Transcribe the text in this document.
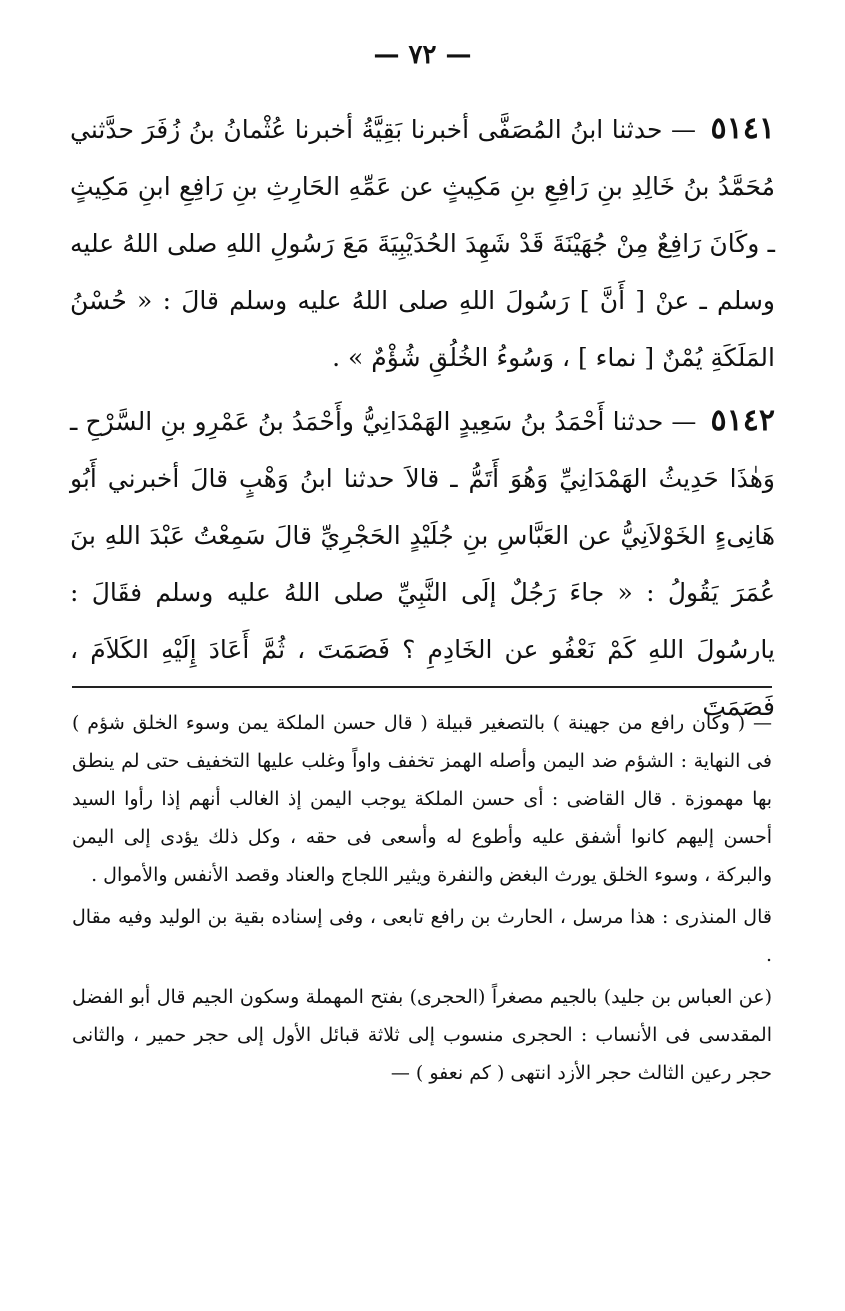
— ٧٢ —

٥١٤١ — حدثنا ابنُ المُصَفَّى أخبرنا بَقِيَّةُ أخبرنا عُثْمانُ بنُ زُفَرَ حدَّثني مُحَمَّدُ بنُ خَالِدِ بنِ رَافِعِ بنِ مَكِيثٍ عن عَمِّهِ الحَارِثِ بنِ رَافِعِ ابنِ مَكِيثٍ ـ وكَانَ رَافِعٌ مِنْ جُهَيْنَةَ قَدْ شَهِدَ الحُدَيْبِيَةَ مَعَ رَسُولِ اللهِ صلى اللهُ عليه وسلم ـ عنْ [ أَنَّ ] رَسُولَ اللهِ صلى اللهُ عليه وسلم قالَ : « حُسْنُ المَلَكَةِ يُمْنٌ [ نماء ] ، وَسُوءُ الخُلُقِ شُؤْمٌ » .

٥١٤٢ — حدثنا أَحْمَدُ بنُ سَعِيدٍ الهَمْدَانِيُّ وأَحْمَدُ بنُ عَمْرِو بنِ السَّرْحِ ـ وَهٰذَا حَدِيثُ الهَمْدَانِيِّ وَهُوَ أَتَمُّ ـ قالاَ حدثنا ابنُ وَهْبٍ قالَ أخبرني أَبُو هَانِىءٍ الخَوْلاَنِيُّ عن العَبَّاسِ بنِ جُلَيْدٍ الحَجْرِيِّ قالَ سَمِعْتُ عَبْدَ اللهِ بنَ عُمَرَ يَقُولُ : « جاءَ رَجُلٌ إلَى النَّبِيِّ صلى اللهُ عليه وسلم فقَالَ : يارسُولَ اللهِ كَمْ نَعْفُو عن الخَادِمِ ؟ فَصَمَتَ ، ثُمَّ أَعَادَ إِلَيْهِ الكَلاَمَ ، فَصَمَتَ

— ( وكان رافع من جهينة ) بالتصغير قبيلة ( قال حسن الملكة يمن وسوء الخلق شؤم ) فى النهاية : الشؤم ضد اليمن وأصله الهمز تخفف واواً وغلب عليها التخفيف حتى لم ينطق بها مهموزة . قال القاضى : أى حسن الملكة يوجب اليمن إذ الغالب أنهم إذا رأوا السيد أحسن إليهم كانوا أشفق عليه وأطوع له وأسعى فى حقه ، وكل ذلك يؤدى إلى اليمن والبركة ، وسوء الخلق يورث البغض والنفرة ويثير اللجاج والعناد وقصد الأنفس والأموال .

قال المنذرى : هذا مرسل ، الحارث بن رافع تابعى ، وفى إسناده بقية بن الوليد وفيه مقال .

(عن العباس بن جليد) بالجيم مصغراً (الحجرى) بفتح المهملة وسكون الجيم قال أبو الفضل المقدسى فى الأنساب : الحجرى منسوب إلى ثلاثة قبائل الأول إلى حجر حمير ، والثانى حجر رعين الثالث حجر الأزد انتهى ( كم نعفو ) —
